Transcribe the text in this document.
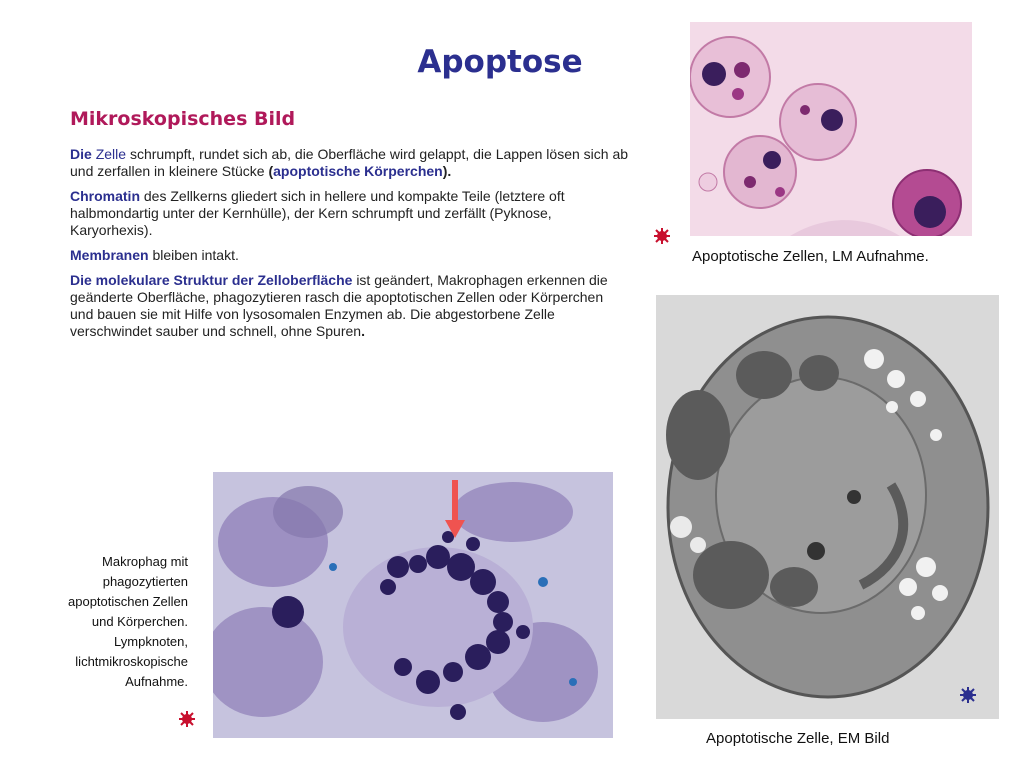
Apoptose
Mikroskopisches Bild

Die Zelle schrumpft, rundet sich ab, die Oberfläche wird gelappt, die Lappen lösen sich ab und zerfallen in kleinere Stücke (apoptotische Körperchen).

Chromatin des Zellkerns gliedert sich in hellere und kompakte Teile (letztere oft halbmondartig unter der Kernhülle), der Kern schrumpft und zerfällt (Pyknose, Karyorhexis).

Membranen bleiben intakt.

Die molekulare Struktur der Zelloberfläche ist geändert, Makrophagen erkennen die geänderte Oberfläche, phagozytieren rasch die apoptotischen Zellen oder Körperchen und bauen sie mit Hilfe von lysosomalen Enzymen ab. Die abgestorbene Zelle verschwindet sauber und schnell, ohne Spuren.

Apoptotische Zellen, LM Aufnahme.
Apoptotische Zelle, EM Bild
Makrophag mit
phagozytierten
apoptotischen Zellen
und Körperchen.
Lympknoten,
lichtmikroskopische
Aufnahme.
